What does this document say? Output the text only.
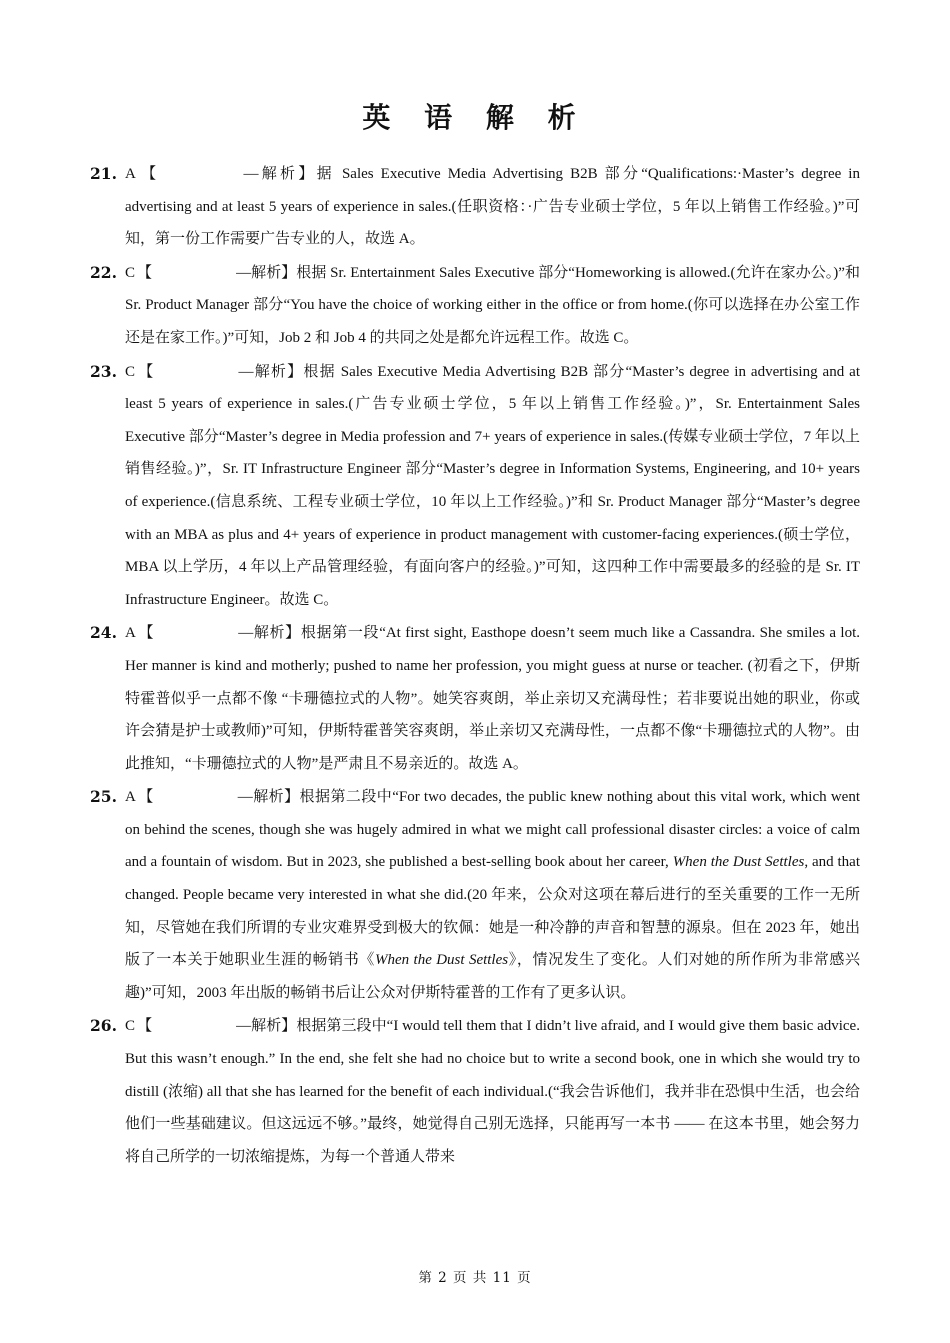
英 语 解 析
21. A 【	—解析】据 Sales Executive Media Advertising B2B 部分“Qualifications:·Master’s degree in advertising and at least 5 years of experience in sales.(任职资格：·广告专业硕士学位，5 年以上销售工作经验。)”可知，第一份工作需要广告专业的人，故选 A。
22. C 【	—解析】根据 Sr. Entertainment Sales Executive 部分“Homeworking is allowed.(允许在家办公。)”和 Sr. Product Manager 部分“You have the choice of working either in the office or from home.(你可以选择在办公室工作还是在家工作。)”可知，Job 2 和 Job 4 的共同之处是都允许远程工作。故选 C。
23. C 【	—解析】根据 Sales Executive Media Advertising B2B 部分“Master’s degree in advertising and at least 5 years of experience in sales.(广告专业硕士学位，5 年以上销售工作经验。)”，Sr. Entertainment Sales Executive 部分“Master’s degree in Media profession and 7+ years of experience in sales.(传媒专业硕士学位，7 年以上销售经验。)”，Sr. IT Infrastructure Engineer 部分“Master’s degree in Information Systems, Engineering, and 10+ years of experience.(信息系统、工程专业硕士学位，10 年以上工作经验。)”和 Sr. Product Manager 部分“Master’s degree with an MBA as plus and 4+ years of experience in product management with customer-facing experiences.(硕士学位，MBA 以上学历，4 年以上产品管理经验，有面向客户的经验。)”可知，这四种工作中需要最多的经验的是 Sr. IT Infrastructure Engineer。故选 C。
24. A 【	—解析】根据第一段“At first sight, Easthope doesn’t seem much like a Cassandra. She smiles a lot. Her manner is kind and motherly; pushed to name her profession, you might guess at nurse or teacher. (初看之下，伊斯特霍普似乎一点都不像 “卡珊德拉式的人物”。她笑容爽朗，举止亲切又充满母性；若非要说出她的职业，你或许会猜是护士或教师)”可知，伊斯特霍普笑容爽朗，举止亲切又充满母性，一点都不像“卡珊德拉式的人物”。由此推知，“卡珊德拉式的人物”是严肃且不易亲近的。故选 A。
25. A 【	—解析】根据第二段中“For two decades, the public knew nothing about this vital work, which went on behind the scenes, though she was hugely admired in what we might call professional disaster circles: a voice of calm and a fountain of wisdom. But in 2023, she published a best-selling book about her career, When the Dust Settles, and that changed. People became very interested in what she did.(20 年来，公众对这项在幕后进行的至关重要的工作一无所知，尽管她在我们所谓的专业灾难界受到极大的钦佩：她是一种冷静的声音和智慧的源泉。但在 2023 年，她出版了一本关于她职业生涯的畅销书《When the Dust Settles》，情况发生了变化。人们对她的所作所为非常感兴趣)”可知，2003 年出版的畅销书后让公众对伊斯特霍普的工作有了更多认识。
26. C 【	—解析】根据第三段中“I would tell them that I didn’t live afraid, and I would give them basic advice. But this wasn’t enough.” In the end, she felt she had no choice but to write a second book, one in which she would try to distill (浓缩) all that she has learned for the benefit of each individual.(“我会告诉他们，我并非在恐惧中生活，也会给他们一些基础建议。但这远远不够。”最终，她觉得自己别无选择，只能再写一本书 —— 在这本书里，她会努力将自己所学的一切浓缩提炼，为每一个普通人带来
第 2 页 共 11 页
